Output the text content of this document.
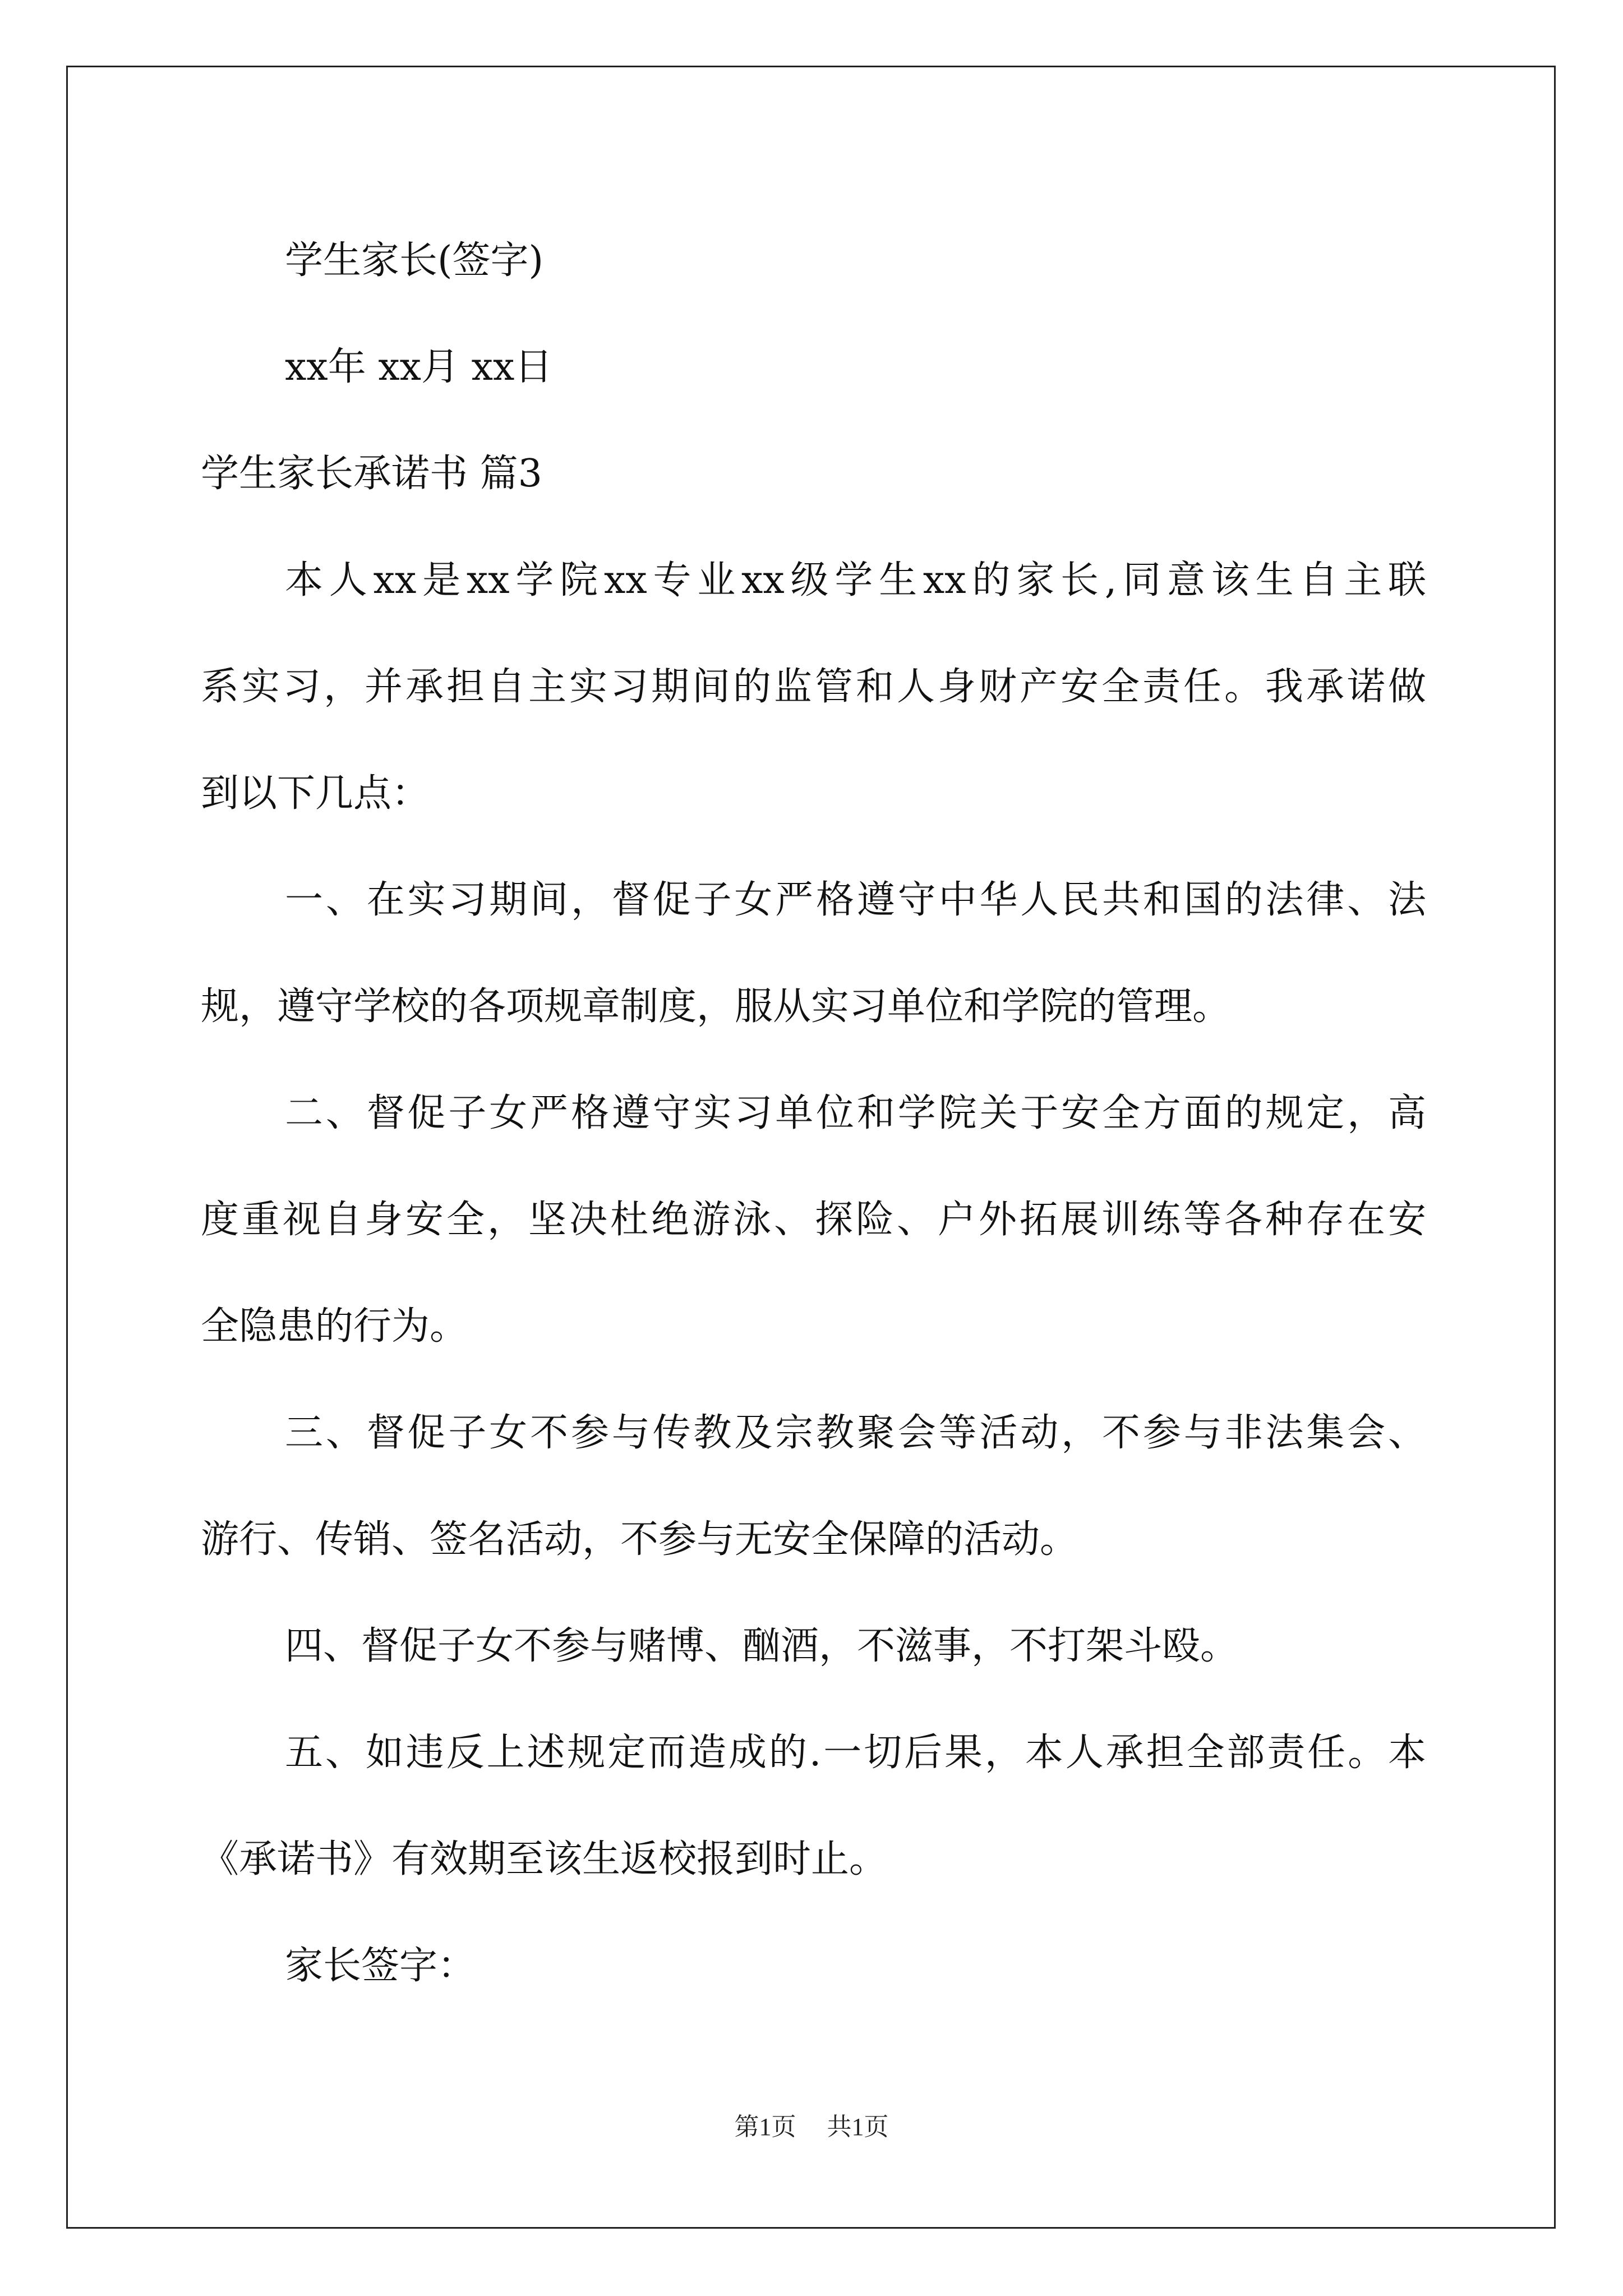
学生家长(签字)
xx年 xx月 xx日
学生家长承诺书 篇3
本人xx是xx学院xx专业xx级学生xx的家长,同意该生自主联
系实习，并承担自主实习期间的监管和人身财产安全责任。我承诺做
到以下几点：
一、在实习期间，督促子女严格遵守中华人民共和国的法律、法
规，遵守学校的各项规章制度，服从实习单位和学院的管理。
二、督促子女严格遵守实习单位和学院关于安全方面的规定，高
度重视自身安全，坚决杜绝游泳、探险、户外拓展训练等各种存在安
全隐患的行为。
三、督促子女不参与传教及宗教聚会等活动，不参与非法集会、
游行、传销、签名活动，不参与无安全保障的活动。
四、督促子女不参与赌博、酗酒，不滋事，不打架斗殴。
五、如违反上述规定而造成的.一切后果，本人承担全部责任。本
《承诺书》有效期至该生返校报到时止。
家长签字：
第1页 共1页
